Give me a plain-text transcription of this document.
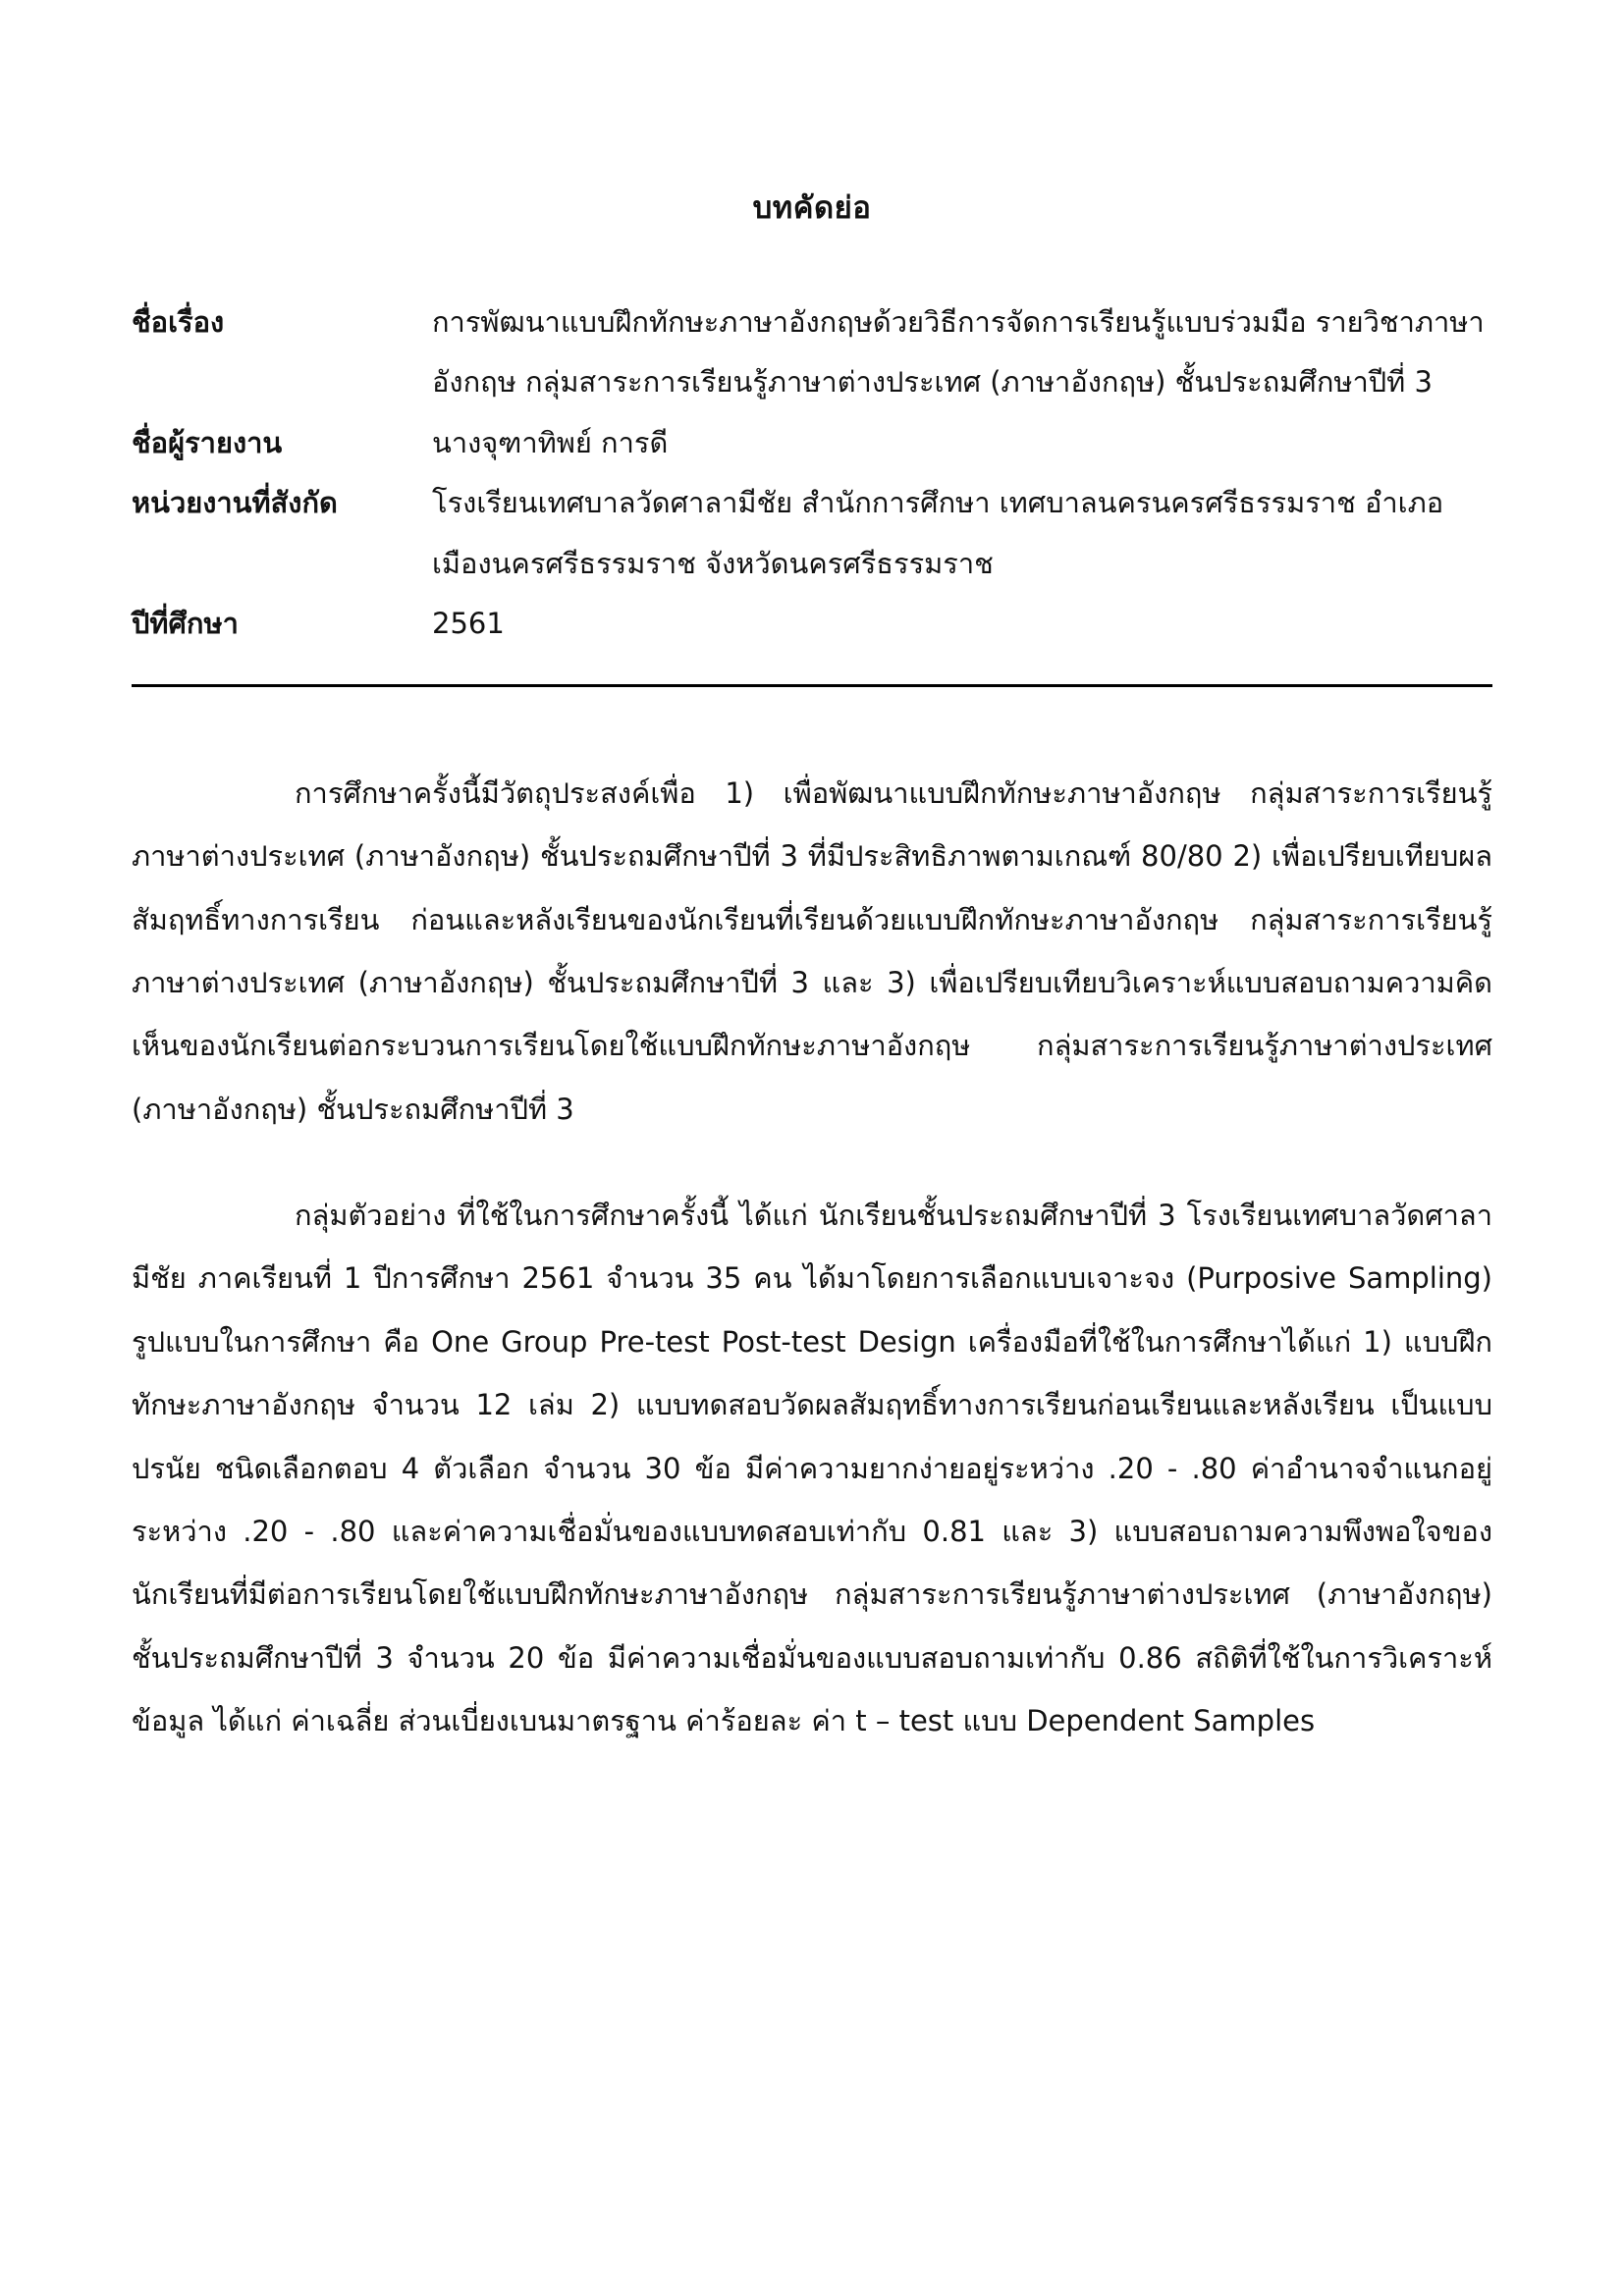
บทคัดย่อ
ชื่อเรื่อง	การพัฒนาแบบฝึกทักษะภาษาอังกฤษด้วยวิธีการจัดการเรียนรู้แบบร่วมมือ รายวิชาภาษาอังกฤษ กลุ่มสาระการเรียนรู้ภาษาต่างประเทศ (ภาษาอังกฤษ) ชั้นประถมศึกษาปีที่ 3
ชื่อผู้รายงาน	นางจุฑาทิพย์ การดี
หน่วยงานที่สังกัด	โรงเรียนเทศบาลวัดศาลามีชัย สำนักการศึกษา เทศบาลนครนครศรีธรรมราช อำเภอเมืองนครศรีธรรมราช จังหวัดนครศรีธรรมราช
ปีที่ศึกษา	2561

การศึกษาครั้งนี้มีวัตถุประสงค์เพื่อ 1) เพื่อพัฒนาแบบฝึกทักษะภาษาอังกฤษ กลุ่มสาระการเรียนรู้ภาษาต่างประเทศ (ภาษาอังกฤษ) ชั้นประถมศึกษาปีที่ 3 ที่มีประสิทธิภาพตามเกณฑ์ 80/80 2) เพื่อเปรียบเทียบผลสัมฤทธิ์ทางการเรียน ก่อนและหลังเรียนของนักเรียนที่เรียนด้วยแบบฝึกทักษะภาษาอังกฤษ กลุ่มสาระการเรียนรู้ภาษาต่างประเทศ (ภาษาอังกฤษ) ชั้นประถมศึกษาปีที่ 3 และ 3) เพื่อเปรียบเทียบวิเคราะห์แบบสอบถามความคิดเห็นของนักเรียนต่อกระบวนการเรียนโดยใช้แบบฝึกทักษะภาษาอังกฤษ กลุ่มสาระการเรียนรู้ภาษาต่างประเทศ (ภาษาอังกฤษ) ชั้นประถมศึกษาปีที่ 3

กลุ่มตัวอย่าง ที่ใช้ในการศึกษาครั้งนี้ ได้แก่ นักเรียนชั้นประถมศึกษาปีที่ 3 โรงเรียนเทศบาลวัดศาลามีชัย ภาคเรียนที่ 1 ปีการศึกษา 2561 จำนวน 35 คน ได้มาโดยการเลือกแบบเจาะจง (Purposive Sampling) รูปแบบในการศึกษา คือ One Group Pre-test Post-test Design เครื่องมือที่ใช้ในการศึกษาได้แก่ 1) แบบฝึกทักษะภาษาอังกฤษ จำนวน 12 เล่ม 2) แบบทดสอบวัดผลสัมฤทธิ์ทางการเรียนก่อนเรียนและหลังเรียน เป็นแบบปรนัย ชนิดเลือกตอบ 4 ตัวเลือก จำนวน 30 ข้อ มีค่าความยากง่ายอยู่ระหว่าง .20 - .80 ค่าอำนาจจำแนกอยู่ระหว่าง .20 - .80 และค่าความเชื่อมั่นของแบบทดสอบเท่ากับ 0.81 และ 3) แบบสอบถามความพึงพอใจของนักเรียนที่มีต่อการเรียนโดยใช้แบบฝึกทักษะภาษาอังกฤษ กลุ่มสาระการเรียนรู้ภาษาต่างประเทศ (ภาษาอังกฤษ) ชั้นประถมศึกษาปีที่ 3 จำนวน 20 ข้อ มีค่าความเชื่อมั่นของแบบสอบถามเท่ากับ 0.86 สถิติที่ใช้ในการวิเคราะห์ข้อมูล ได้แก่ ค่าเฉลี่ย ส่วนเบี่ยงเบนมาตรฐาน ค่าร้อยละ ค่า t – test แบบ Dependent Samples
